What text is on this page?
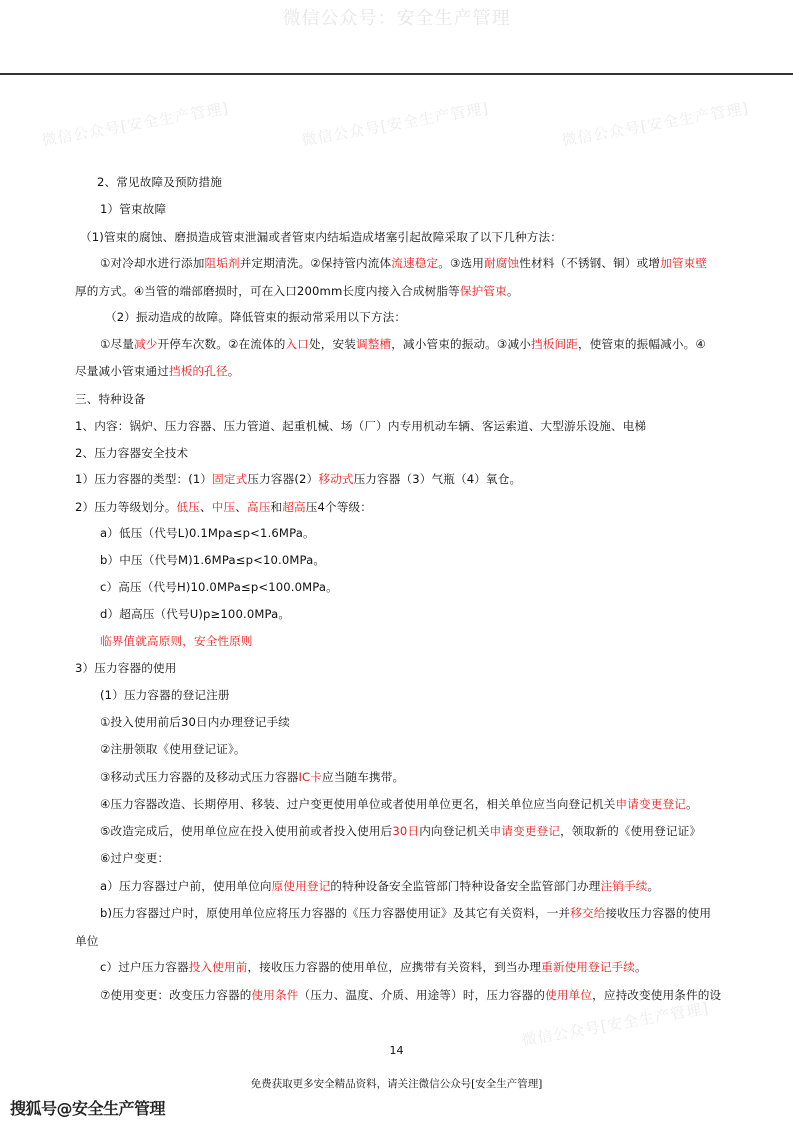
微信公众号：安全生产管理
微信公众号[安全生产管理]	微信公众号[安全生产管理]	微信公众号[安全生产管理]
微信公众号[安全生产管理]
2、常见故障及预防措施
1）管束故障
（1)管束的腐蚀、磨损造成管束泄漏或者管束内结垢造成堵塞引起故障采取了以下几种方法：
①对冷却水进行添加阻垢剂并定期清洗。②保持管内流体流速稳定。③选用耐腐蚀性材料（不锈钢、铜）或增加管束壁
厚的方式。④当管的端部磨损时，可在入口200mm长度内接入合成树脂等保护管束。
（2）振动造成的故障。降低管束的振动常采用以下方法：
①尽量减少开停车次数。②在流体的入口处，安装调整槽，减小管束的振动。③减小挡板间距，使管束的振幅减小。④
尽量减小管束通过挡板的孔径。
三、特种设备
1、内容：锅炉、压力容器、压力管道、起重机械、场（厂）内专用机动车辆、客运索道、大型游乐设施、电梯
2、压力容器安全技术
1）压力容器的类型：(1）固定式压力容器(2）移动式压力容器（3）气瓶（4）氧仓。
2）压力等级划分。低压、中压、高压和超高压4个等级：
a）低压（代号L)0.1Mpa≤p<1.6MPa。
b）中压（代号M)1.6MPa≤p<10.0MPa。
c）高压（代号H)10.0MPa≤p<100.0MPa。
d）超高压（代号U)p≥100.0MPa。
临界值就高原则，安全性原则
3）压力容器的使用
(1）压力容器的登记注册
①投入使用前后30日内办理登记手续
②注册领取《使用登记证》。
③移动式压力容器的及移动式压力容器IC卡应当随车携带。
④压力容器改造、长期停用、移装、过户变更使用单位或者使用单位更名，相关单位应当向登记机关申请变更登记。
⑤改造完成后，使用单位应在投入使用前或者投入使用后30日内向登记机关申请变更登记，领取新的《使用登记证》
⑥过户变更：
a）压力容器过户前，使用单位向原使用登记的特种设备安全监管部门特种设备安全监管部门办理注销手续。
b)压力容器过户时，原使用单位应将压力容器的《压力容器使用证》及其它有关资料，一并移交给接收压力容器的使用
单位
c）过户压力容器投入使用前，接收压力容器的使用单位，应携带有关资料，到当办理重新使用登记手续。
⑦使用变更：改变压力容器的使用条件（压力、温度、介质、用途等）时，压力容器的使用单位，应持改变使用条件的设
14
免费获取更多安全精品资料，请关注微信公众号[安全生产管理]
搜狐号@安全生产管理
